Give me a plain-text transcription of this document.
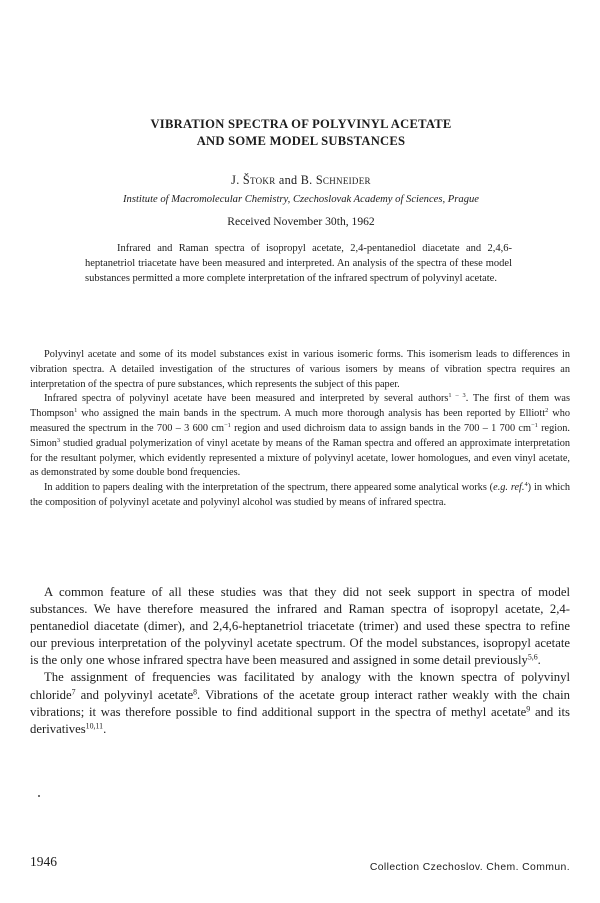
VIBRATION SPECTRA OF POLYVINYL ACETATE
AND SOME MODEL SUBSTANCES
J. Štokr and B. Schneider
Institute of Macromolecular Chemistry, Czechoslovak Academy of Sciences, Prague
Received November 30th, 1962

Infrared and Raman spectra of isopropyl acetate, 2,4-pentanediol diacetate and 2,4,6-heptanetriol triacetate have been measured and interpreted. An analysis of the spectra of these model substances permitted a more complete interpretation of the infrared spectrum of polyvinyl acetate.

Polyvinyl acetate and some of its model substances exist in various isomeric forms. This isomerism leads to differences in vibration spectra. A detailed investigation of the structures of various isomers by means of vibration spectra requires an interpretation of the spectra of pure substances, which represents the subject of this paper.

Infrared spectra of polyvinyl acetate have been measured and interpreted by several authors$^{1 - 3}$. The first of them was Thompson$^1$ who assigned the main bands in the spectrum. A much more thorough analysis has been reported by Elliott$^2$ who measured the spectrum in the 700 – 3 600 $cm^{-1}$ region and used dichroism data to assign bands in the 700 – 1 700 $cm^{-1}$ region. Simon$^3$ studied gradual polymerization of vinyl acetate by means of the Raman spectra and offered an approximate interpretation for the resultant polymer, which evidently represented a mixture of polyvinyl acetate, lower homologues, and even vinyl acetate, as demonstrated by some double bond frequencies.

In addition to papers dealing with the interpretation of the spectrum, there appeared some analytical works (e.g. ref.$^4$) in which the composition of polyvinyl acetate and polyvinyl alcohol was studied by means of infrared spectra.

A common feature of all these studies was that they did not seek support in spectra of model substances. We have therefore measured the infrared and Raman spectra of isopropyl acetate, 2,4-pentanediol diacetate (dimer), and 2,4,6-heptanetriol triacetate (trimer) and used these spectra to refine our previous interpretation of the polyvinyl acetate spectrum. Of the model substances, isopropyl acetate is the only one whose infrared spectra have been measured and assigned in some detail previously$^{5,6}$.

The assignment of frequencies was facilitated by analogy with the known spectra of polyvinyl chloride$^7$ and polyvinyl acetate$^8$. Vibrations of the acetate group interact rather weakly with the chain vibrations; it was therefore possible to find additional support in the spectra of methyl acetate$^9$ and its derivatives$^{10,11}$.

1946	Collection Czechoslov. Chem. Commun.
